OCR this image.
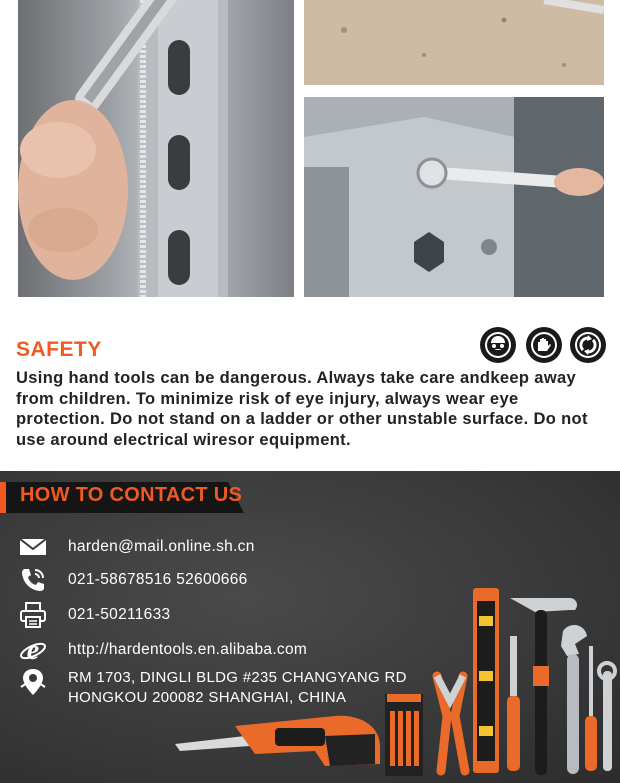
SAFETY
Using hand tools can be dangerous. Always take care andkeep away from children. To minimize risk of eye injury, always wear eye protection. Do not stand on a ladder or other unstable surface. Do not use around electrical wiresor equipment.
HOW TO CONTACT US
harden@mail.online.sh.cn
021-58678516 52600666
021-50211633
e http://hardentools.en.alibaba.com
RM 1703, DINGLI BLDG #235 CHANGYANG RD
HONGKOU 200082 SHANGHAI, CHINA
